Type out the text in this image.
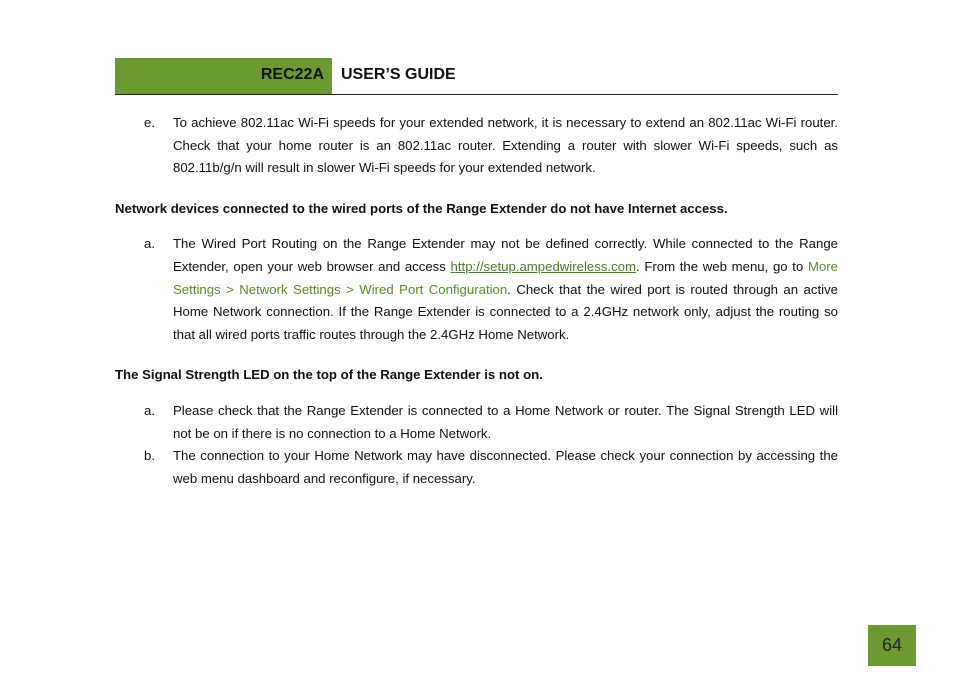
REC22A	USER’S GUIDE
e. To achieve 802.11ac Wi-Fi speeds for your extended network, it is necessary to extend an 802.11ac Wi-Fi router. Check that your home router is an 802.11ac router. Extending a router with slower Wi-Fi speeds, such as 802.11b/g/n will result in slower Wi-Fi speeds for your extended network.
Network devices connected to the wired ports of the Range Extender do not have Internet access.
a. The Wired Port Routing on the Range Extender may not be defined correctly. While connected to the Range Extender, open your web browser and access http://setup.ampedwireless.com. From the web menu, go to More Settings > Network Settings > Wired Port Configuration. Check that the wired port is routed through an active Home Network connection. If the Range Extender is connected to a 2.4GHz network only, adjust the routing so that all wired ports traffic routes through the 2.4GHz Home Network.
The Signal Strength LED on the top of the Range Extender is not on.
a. Please check that the Range Extender is connected to a Home Network or router. The Signal Strength LED will not be on if there is no connection to a Home Network.
b. The connection to your Home Network may have disconnected. Please check your connection by accessing the web menu dashboard and reconfigure, if necessary.
64
